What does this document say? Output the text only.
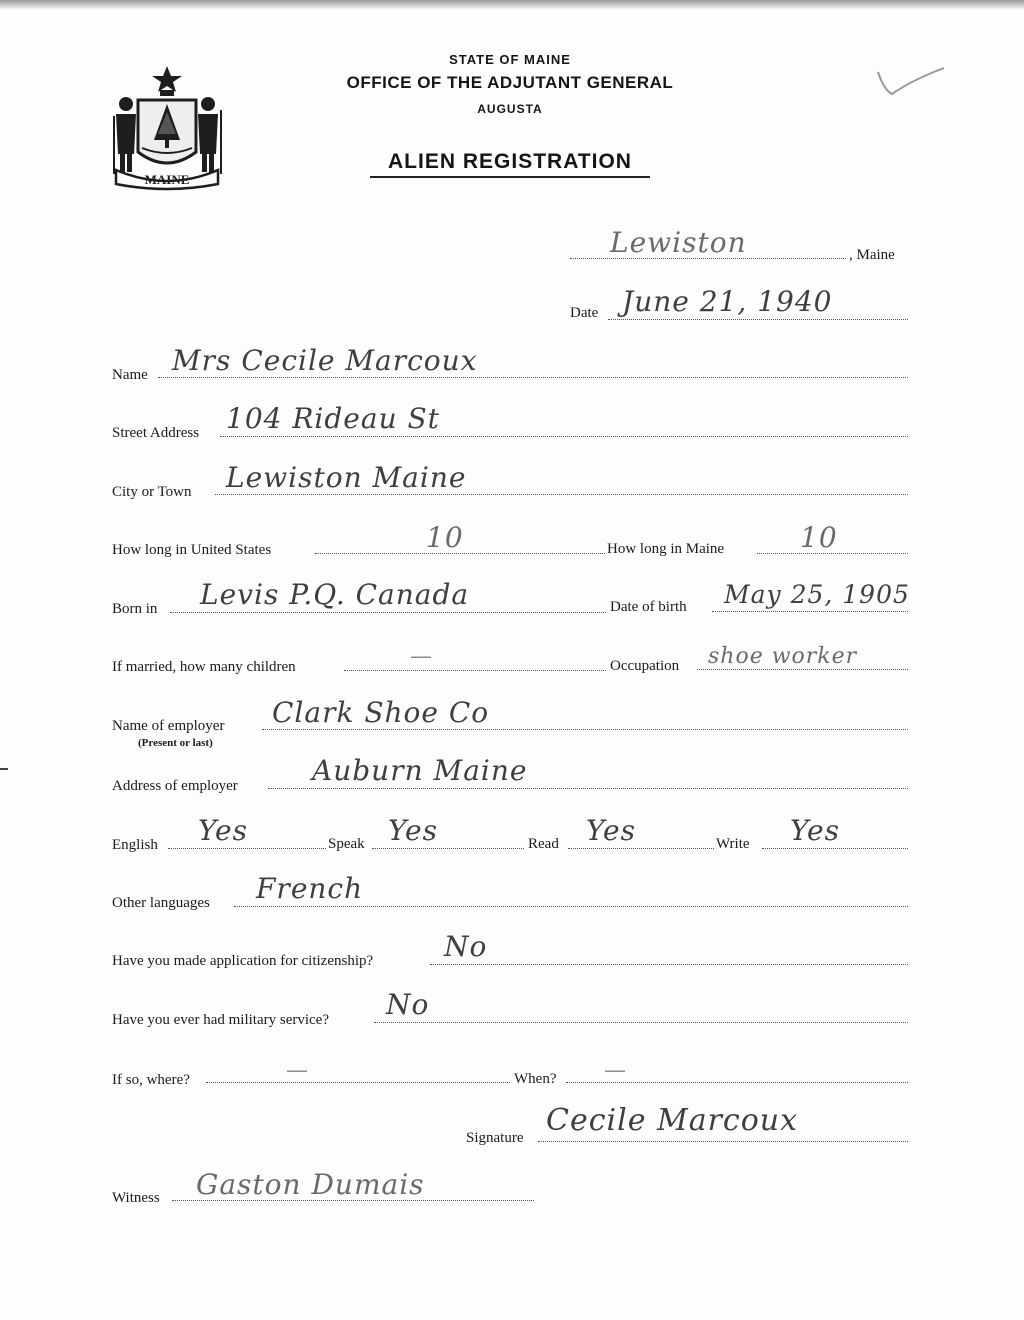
MAINE
STATE OF MAINE
OFFICE OF THE ADJUTANT GENERAL
AUGUSTA
ALIEN REGISTRATION
Lewiston	, Maine
Date June 21, 1940
Name Mrs Cecile Marcoux
Street Address 104 Rideau St
City or Town Lewiston Maine
How long in United States	10	How long in Maine	10
Born in Levis P.Q. Canada	Date of birth May 25, 1905
If married, how many children	—	Occupation shoe worker
Name of employer Clark Shoe Co
(Present or last)
Address of employer	Auburn Maine
English Yes	Speak Yes	Read Yes	Write Yes
Other languages French
Have you made application for citizenship?	No
Have you ever had military service? No
If so, where?	—	When? —
Signature Cecile Marcoux
Witness Gaston Dumais
